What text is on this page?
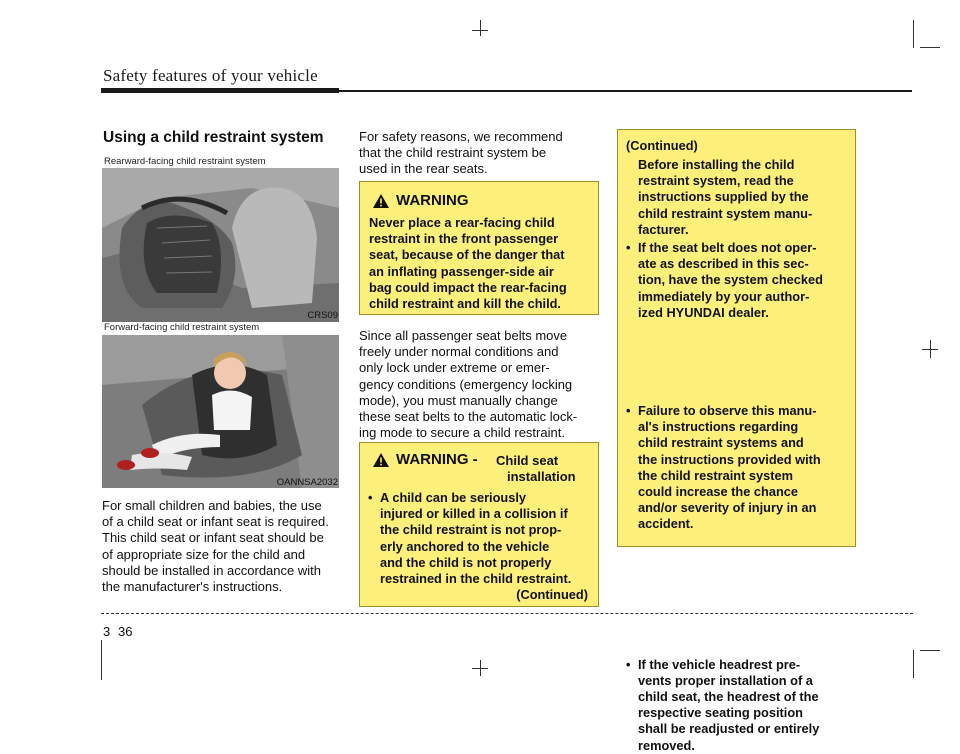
Safety features of your vehicle
Using a child restraint system
Rearward-facing child restraint system
CRS09
Forward-facing child restraint system
OANNSA2032

For small children and babies, the use

of a child seat or infant seat is required.

This child seat or infant seat should be

of appropriate size for the child and

should be installed in accordance with

the manufacturer's instructions.

For safety reasons, we recommend

that the child restraint system be

used in the rear seats.

WARNING
Never place a rear-facing child
restraint in the front passenger
seat, because of the danger that
an inflating passenger-side air
bag could impact the rear-facing
child restraint and kill the child.

Since all passenger seat belts move

freely under normal conditions and

only lock under extreme or emer-

gency conditions (emergency locking

mode), you must manually change

these seat belts to the automatic lock-

ing mode to secure a child restraint.

WARNING - Child seat
installation
• A child can be seriously
injured or killed in a collision if
the child restraint is not prop-
erly anchored to the vehicle
and the child is not properly
restrained in the child restraint.
(Continued)
(Continued)
Before installing the child
restraint system, read the
instructions supplied by the
child restraint system manu-
facturer.
• If the seat belt does not oper-
ate as described in this sec-
tion, have the system checked
immediately by your author-
ized HYUNDAI dealer.
• Failure to observe this manu-
al's instructions regarding
child restraint systems and
the instructions provided with
the child restraint system
could increase the chance
and/or severity of injury in an
accident.
• If the vehicle headrest pre-
vents proper installation of a
child seat, the headrest of the
respective seating position
shall be readjusted or entirely
removed.
3 36
